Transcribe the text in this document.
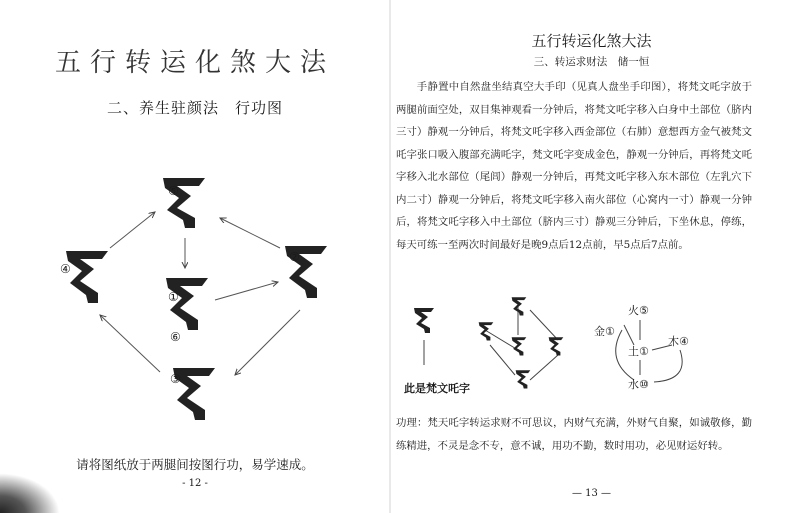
五行转运化煞大法
二、养生驻颜法　行功图
⑤
④
①
②
⑥
③
请将图纸放于两腿间按图行功，易学速成。
- 12 -
五行转运化煞大法
三、转运求财法　储一恒
手静置中自然盘坐结真空大手印（见真人盘坐手印图），将梵文吒字放于两腿前面空处，双目集神观看一分钟后，将梵文吒字移入白身中土部位（脐内三寸）静观一分钟后，将梵文吒字移入西金部位（右肺）意想西方金气被梵文吒字张口吸入腹部充满吒字，梵文吒字变成金色，静观一分钟后，再将梵文吒字移入北水部位（尾闾）静观一分钟后，再梵文吒字移入东木部位（左乳穴下内二寸）静观一分钟后，将梵文吒字移入南火部位（心窝内一寸）静观一分钟后，将梵文吒字移入中土部位（脐内三寸）静观三分钟后，下坐休息，停练，每天可练一至两次时间最好是晚9点后12点前，早5点后7点前。
此是梵文吒字
火⑤
金①
土①
木④
水⑩
功理：梵天吒字转运求财不可思议，内财气充满，外财气自聚，如诚敬修，勤练精进，不灵是念不专，意不诚，用功不勤，数时用功，必见财运好转。
— 13 —
